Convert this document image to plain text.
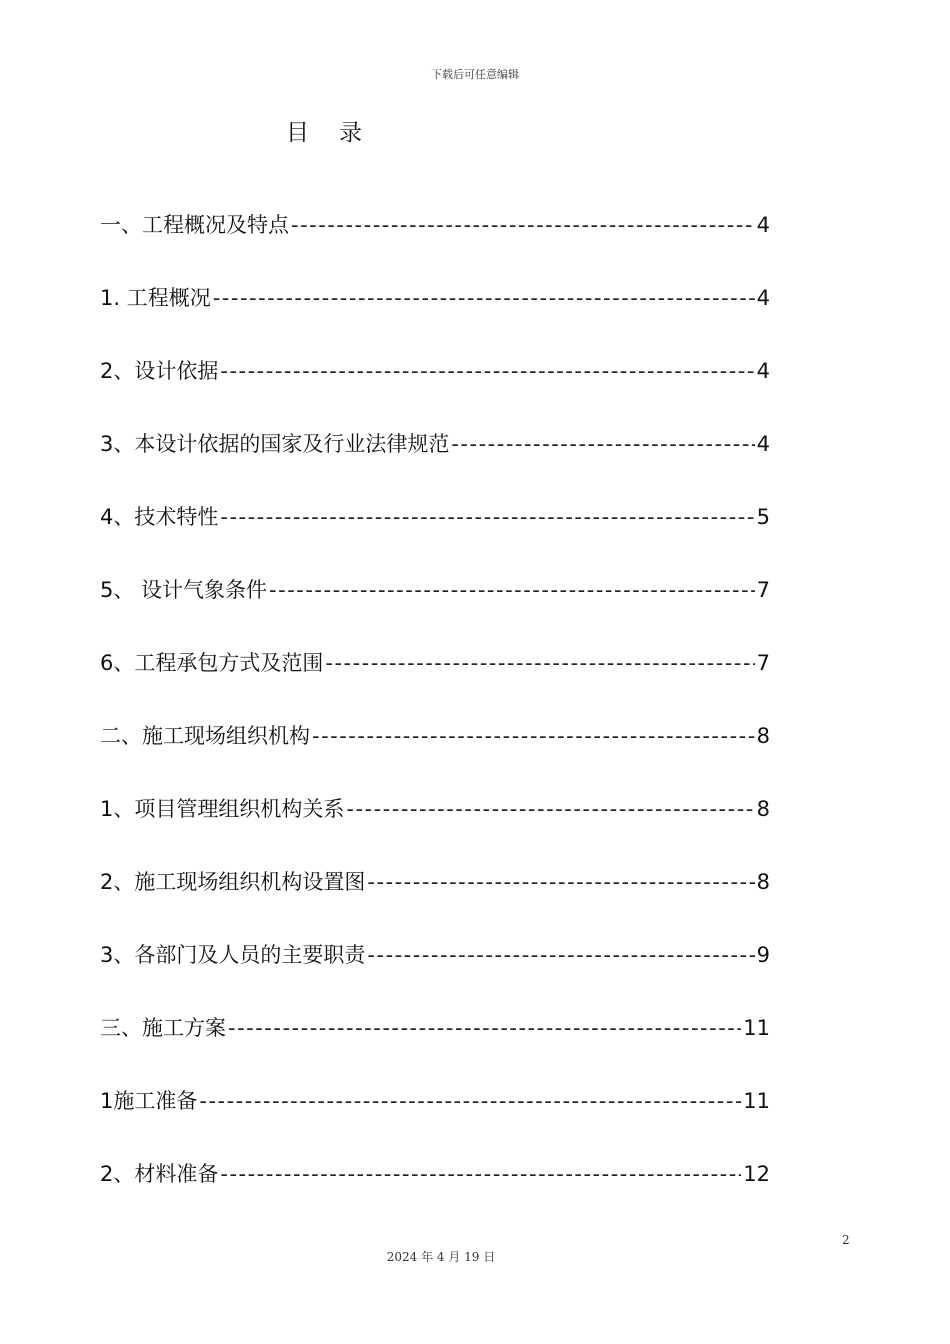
下载后可任意编辑
目录
一、工程概况及特点 -----	4
1. 工程概况 -----	4
2、设计依据 -----	4
3、本设计依据的国家及行业法律规范 -----	4
4、技术特性 -----	5
5、 设计气象条件 -----	7
6、工程承包方式及范围 -----	7
二、施工现场组织机构 -----	8
1、项目管理组织机构关系 -----	8
2、施工现场组织机构设置图 -----	8
3、各部门及人员的主要职责 -----	9
三、施工方案 -----	11
1施工准备 -----	11
2、材料准备 -----	12
2
2024 年 4 月 19 日
